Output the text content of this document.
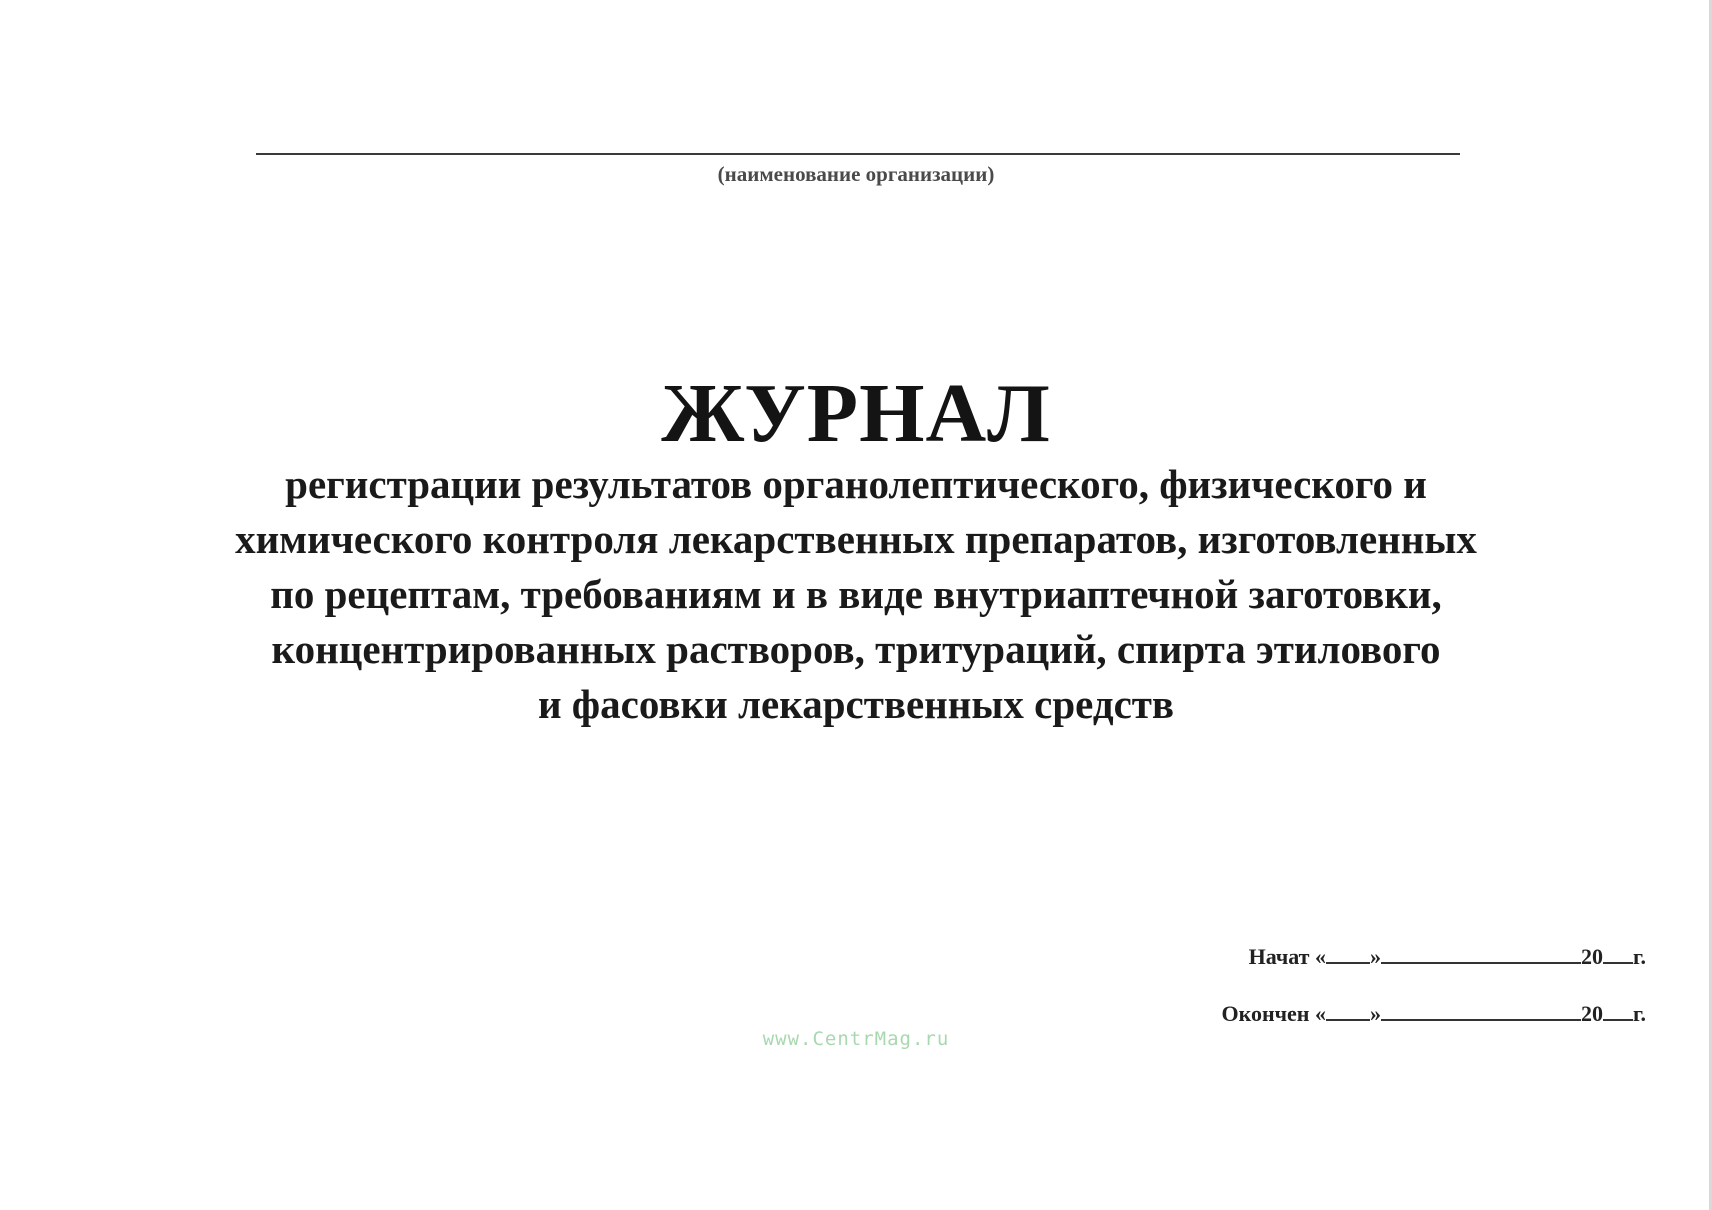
(наименование организации)
ЖУРНАЛ
регистрации результатов органолептического, физического и
химического контроля лекарственных препаратов, изготовленных
по рецептам, требованиям и в виде внутриаптечной заготовки,
концентрированных растворов, тритураций, спирта этилового
и фасовки лекарственных средств
Начат
« »	20 г.
Окончен
« »	20 г.
www.CentrMag.ru
